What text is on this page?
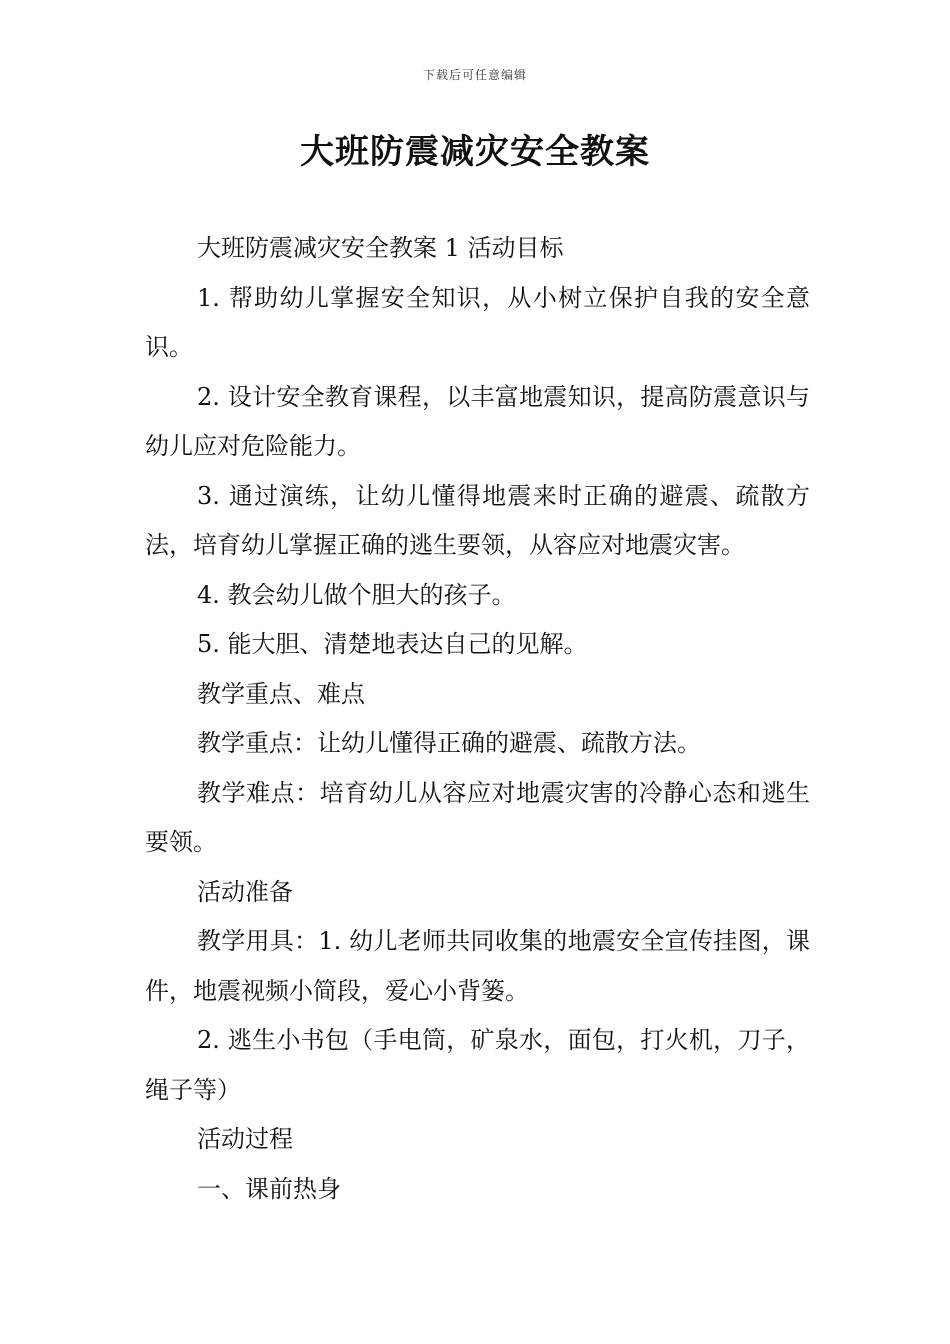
下载后可任意编辑
大班防震减灾安全教案

大班防震减灾安全教案 1 活动目标

1. 帮助幼儿掌握安全知识，从小树立保护自我的安全意识。

2. 设计安全教育课程，以丰富地震知识，提高防震意识与幼儿应对危险能力。

3. 通过演练，让幼儿懂得地震来时正确的避震、疏散方法，培育幼儿掌握正确的逃生要领，从容应对地震灾害。

4. 教会幼儿做个胆大的孩子。

5. 能大胆、清楚地表达自己的见解。

教学重点、难点

教学重点：让幼儿懂得正确的避震、疏散方法。

教学难点：培育幼儿从容应对地震灾害的冷静心态和逃生要领。

活动准备

教学用具：1. 幼儿老师共同收集的地震安全宣传挂图，课件，地震视频小简段，爱心小背篓。

2. 逃生小书包（手电筒，矿泉水，面包，打火机，刀子，绳子等）

活动过程

一、课前热身
